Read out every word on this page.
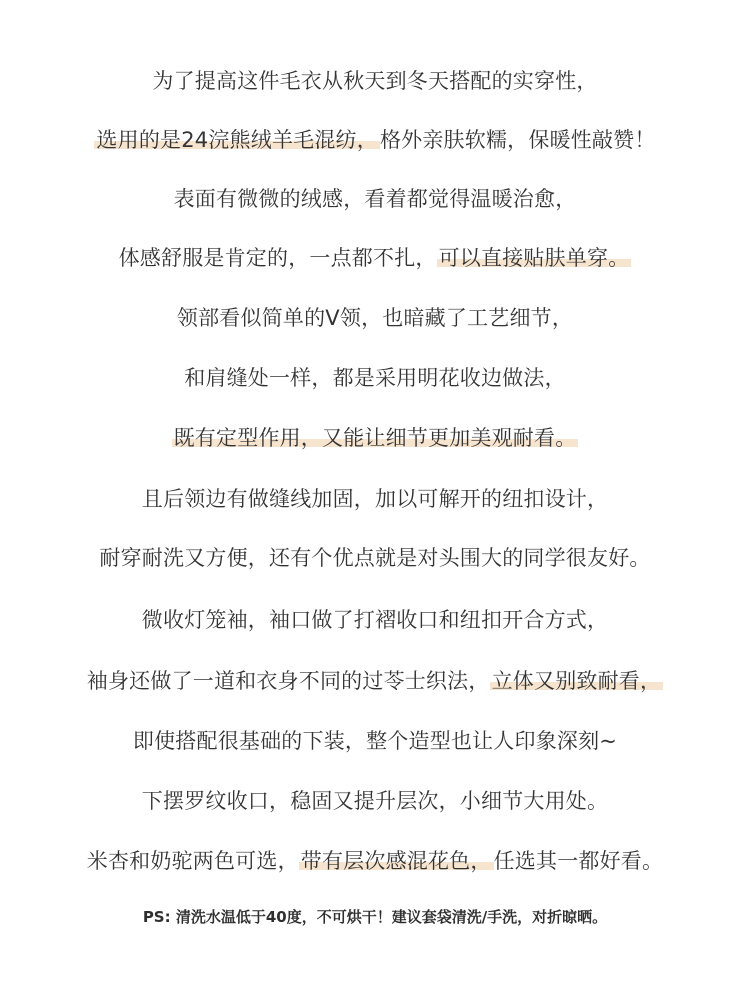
为了提高这件毛衣从秋天到冬天搭配的实穿性，
选用的是24浣熊绒羊毛混纺，格外亲肤软糯，保暖性敲赞！
表面有微微的绒感，看着都觉得温暖治愈，
体感舒服是肯定的，一点都不扎，可以直接贴肤单穿。
领部看似简单的V领，也暗藏了工艺细节，
和肩缝处一样，都是采用明花收边做法，
既有定型作用，又能让细节更加美观耐看。
且后领边有做缝线加固，加以可解开的纽扣设计，
耐穿耐洗又方便，还有个优点就是对头围大的同学很友好。
微收灯笼袖，袖口做了打褶收口和纽扣开合方式，
袖身还做了一道和衣身不同的过苓士织法，立体又别致耐看，
即使搭配很基础的下装，整个造型也让人印象深刻~
下摆罗纹收口，稳固又提升层次，小细节大用处。
米杏和奶驼两色可选，带有层次感混花色，任选其一都好看。
PS: 清洗水温低于40度，不可烘干！建议套袋清洗/手洗，对折晾晒。
